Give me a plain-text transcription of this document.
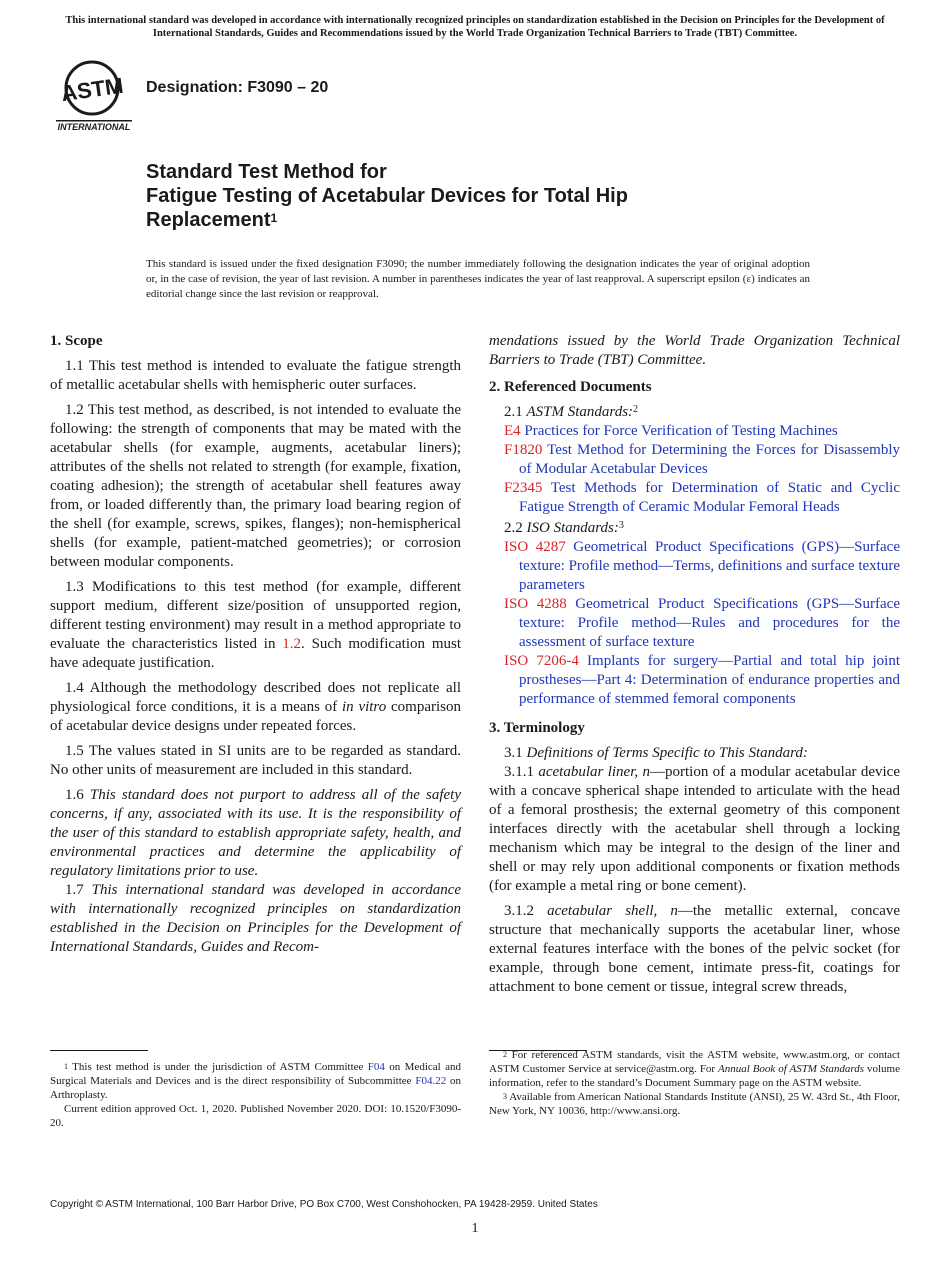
This international standard was developed in accordance with internationally recognized principles on standardization established in the Decision on Principles for the Development of International Standards, Guides and Recommendations issued by the World Trade Organization Technical Barriers to Trade (TBT) Committee.
ASTM
INTERNATIONAL
Designation: F3090 – 20
Standard Test Method for
Fatigue Testing of Acetabular Devices for Total Hip
Replacement$^1$
This standard is issued under the fixed designation F3090; the number immediately following the designation indicates the year of original adoption or, in the case of revision, the year of last revision. A number in parentheses indicates the year of last reapproval. A superscript epsilon (ε) indicates an editorial change since the last revision or reapproval.
1. Scope
1.1 This test method is intended to evaluate the fatigue strength of metallic acetabular shells with hemispheric outer surfaces.
1.2 This test method, as described, is not intended to evaluate the following: the strength of components that may be mated with the acetabular shells (for example, augments, acetabular liners); attributes of the shells not related to strength (for example, fixation, coating adhesion); the strength of acetabular shell features away from, or loaded differently than, the primary load bearing region of the shell (for example, screws, spikes, flanges); non-hemispherical shells (for example, patient-matched geometries); or corrosion between modular components.
1.3 Modifications to this test method (for example, different support medium, different size/position of unsupported region, different testing environment) may result in a method appropriate to evaluate the characteristics listed in 1.2. Such modification must have adequate justification.
1.4 Although the methodology described does not replicate all physiological force conditions, it is a means of in vitro comparison of acetabular device designs under repeated forces.
1.5 The values stated in SI units are to be regarded as standard. No other units of measurement are included in this standard.
1.6 This standard does not purport to address all of the safety concerns, if any, associated with its use. It is the responsibility of the user of this standard to establish appropriate safety, health, and environmental practices and determine the applicability of regulatory limitations prior to use.
1.7 This international standard was developed in accordance with internationally recognized principles on standardization established in the Decision on Principles for the Development of International Standards, Guides and Recom-
mendations issued by the World Trade Organization Technical Barriers to Trade (TBT) Committee.
2. Referenced Documents
2.1 ASTM Standards:$^2$
E4 Practices for Force Verification of Testing Machines
F1820 Test Method for Determining the Forces for Disassembly of Modular Acetabular Devices
F2345 Test Methods for Determination of Static and Cyclic Fatigue Strength of Ceramic Modular Femoral Heads
2.2 ISO Standards:$^3$
ISO 4287 Geometrical Product Specifications (GPS)—Surface texture: Profile method—Terms, definitions and surface texture parameters
ISO 4288 Geometrical Product Specifications (GPS—Surface texture: Profile method—Rules and procedures for the assessment of surface texture
ISO 7206-4 Implants for surgery—Partial and total hip joint prostheses—Part 4: Determination of endurance properties and performance of stemmed femoral components
3. Terminology
3.1 Definitions of Terms Specific to This Standard:
3.1.1 acetabular liner, n—portion of a modular acetabular device with a concave spherical shape intended to articulate with the head of a femoral prosthesis; the external geometry of this component interfaces directly with the acetabular shell through a locking mechanism which may be integral to the design of the liner and shell or may rely upon additional components or fixation methods (for example a metal ring or bone cement).
3.1.2 acetabular shell, n—the metallic external, concave structure that mechanically supports the acetabular liner, whose external features interface with the bones of the pelvic socket (for example, through bone cement, intimate press-fit, coatings for attachment to bone cement or tissue, integral screw threads,

$^1$ This test method is under the jurisdiction of ASTM Committee F04 on Medical and Surgical Materials and Devices and is the direct responsibility of Subcommittee F04.22 on Arthroplasty.

Current edition approved Oct. 1, 2020. Published November 2020. DOI: 10.1520/F3090-20.

$^2$ For referenced ASTM standards, visit the ASTM website, www.astm.org, or contact ASTM Customer Service at service@astm.org. For Annual Book of ASTM Standards volume information, refer to the standard’s Document Summary page on the ASTM website.

$^3$ Available from American National Standards Institute (ANSI), 25 W. 43rd St., 4th Floor, New York, NY 10036, http://www.ansi.org.

Copyright © ASTM International, 100 Barr Harbor Drive, PO Box C700, West Conshohocken, PA 19428-2959. United States
1
